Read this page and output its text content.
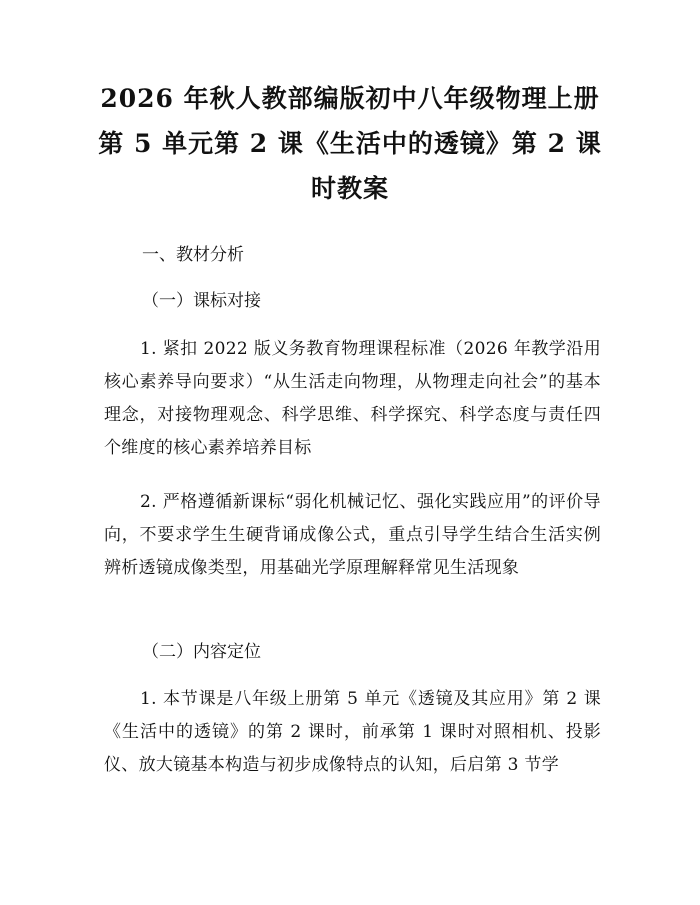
2026 年秋人教部编版初中八年级物理上册第 5 单元第 2 课《生活中的透镜》第 2 课时教案
一、教材分析
（一）课标对接

1. 紧扣 2022 版义务教育物理课程标准（2026 年教学沿用核心素养导向要求）“从生活走向物理，从物理走向社会”的基本理念，对接物理观念、科学思维、科学探究、科学态度与责任四个维度的核心素养培养目标

2. 严格遵循新课标“弱化机械记忆、强化实践应用”的评价导向，不要求学生生硬背诵成像公式，重点引导学生结合生活实例辨析透镜成像类型，用基础光学原理解释常见生活现象

（二）内容定位

1. 本节课是八年级上册第 5 单元《透镜及其应用》第 2 课《生活中的透镜》的第 2 课时，前承第 1 课时对照相机、投影仪、放大镜基本构造与初步成像特点的认知，后启第 3 节学
